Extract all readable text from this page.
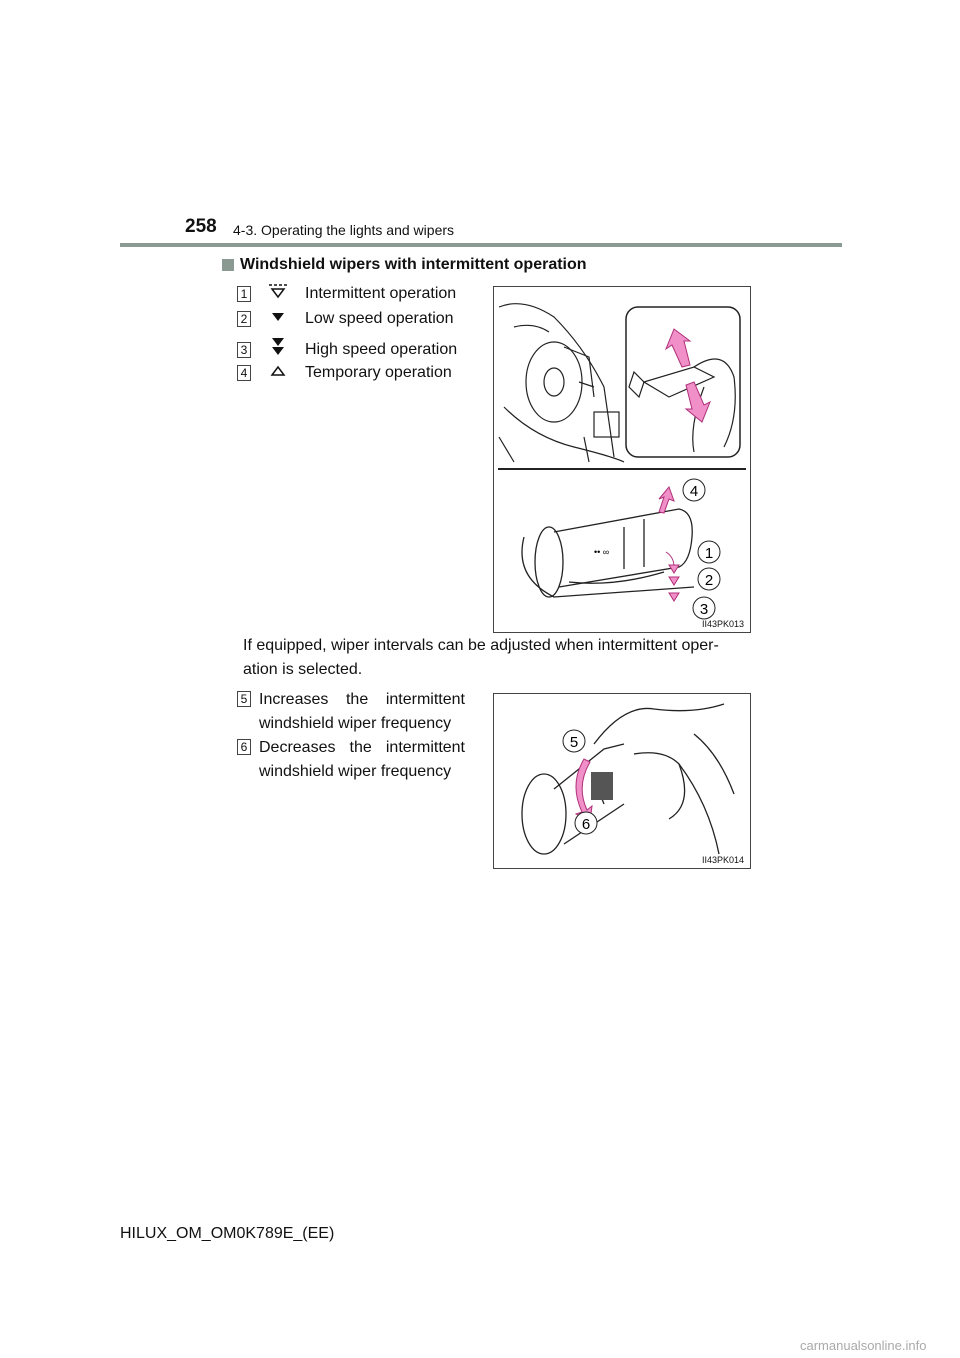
258 4-3. Operating the lights and wipers
Windshield wipers with intermittent operation
1	Intermittent operation
2	Low speed operation
3	High speed operation
4	Temporary operation
•• ∞
4
1
2
3
II43PK013
If equipped, wiper intervals can be adjusted when intermittent oper-
ation is selected.
5 Increases the intermittent
windshield wiper frequency
6 Decreases the intermittent
windshield wiper frequency
5
6
II43PK014
HILUX_OM_OM0K789E_(EE)
carmanualsonline.info
